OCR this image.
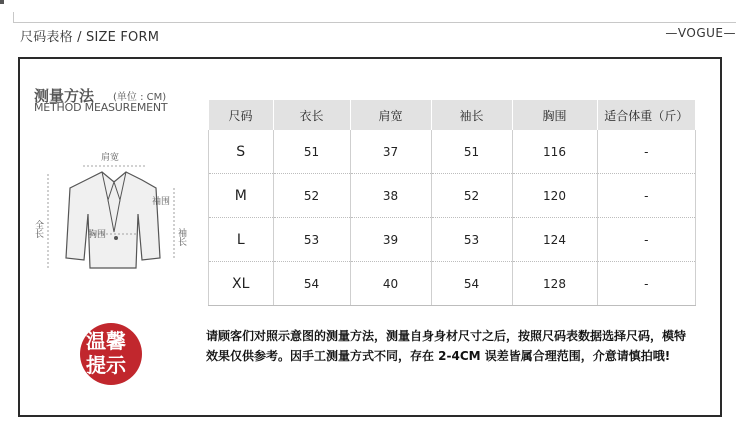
尺码表格 / SIZE FORM	—VOGUE—
测量方法 (单位 : CM)
METHOD MEASUREMENT
肩宽
全长	胸围
袖围
袖长
尺码	衣长	肩宽	袖长	胸围	适合体重（斤）
S	51	37	51	116	-
M	52	38	52	120	-
L	53	39	53	124	-
XL	54	40	54	128	-
温馨
提示
请顾客们对照示意图的测量方法，测量自身身材尺寸之后，按照尺码表数据选择尺码，模特效果仅供参考。因手工测量方式不同，存在 2-4CM 误差皆属合理范围，介意请慎拍哦!
